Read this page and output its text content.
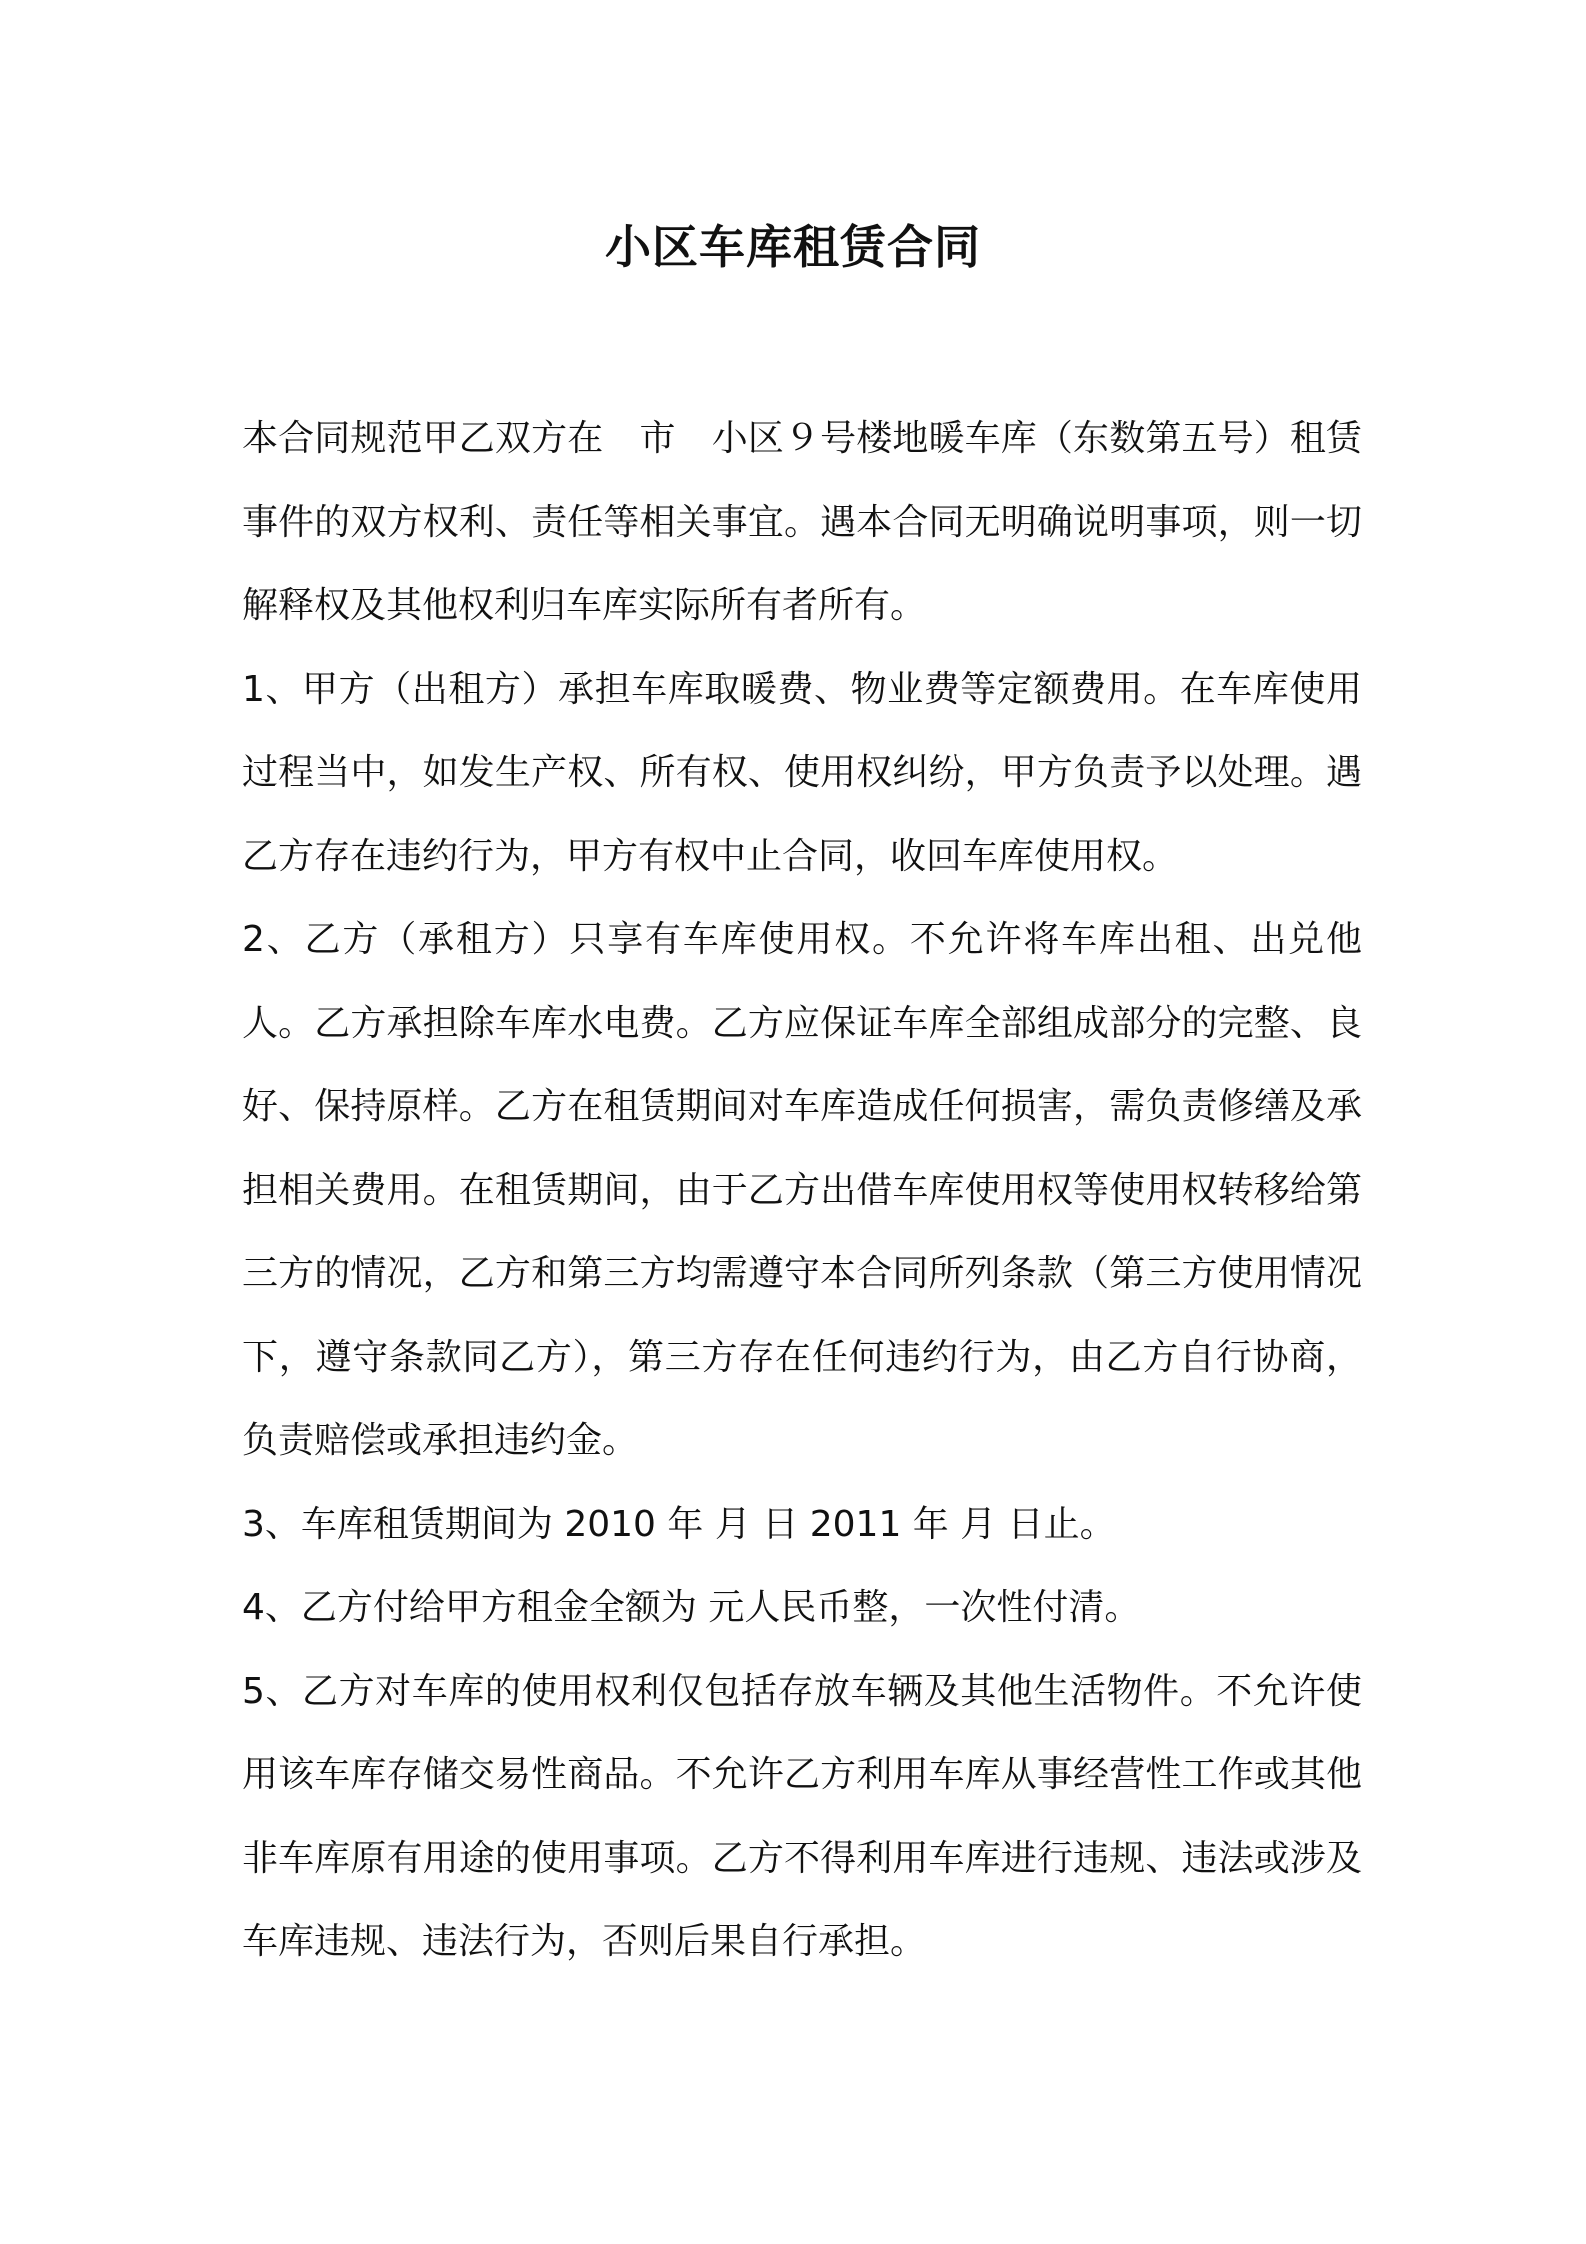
小区车库租赁合同

本合同规范甲乙双方在　市　小区９号楼地暖车库（东数第五号）租赁事件的双方权利、责任等相关事宜。遇本合同无明确说明事项，则一切解释权及其他权利归车库实际所有者所有。

1、甲方（出租方）承担车库取暖费、物业费等定额费用。在车库使用过程当中，如发生产权、所有权、使用权纠纷，甲方负责予以处理。遇乙方存在违约行为，甲方有权中止合同，收回车库使用权。

2、乙方（承租方）只享有车库使用权。不允许将车库出租、出兑他人。乙方承担除车库水电费。乙方应保证车库全部组成部分的完整、良好、保持原样。乙方在租赁期间对车库造成任何损害，需负责修缮及承担相关费用。在租赁期间，由于乙方出借车库使用权等使用权转移给第三方的情况，乙方和第三方均需遵守本合同所列条款（第三方使用情况下，遵守条款同乙方），第三方存在任何违约行为，由乙方自行协商，负责赔偿或承担违约金。

3、车库租赁期间为 2010 年 月 日 2011 年 月 日止。

4、乙方付给甲方租金全额为 元人民币整，一次性付清。

5、乙方对车库的使用权利仅包括存放车辆及其他生活物件。不允许使用该车库存储交易性商品。不允许乙方利用车库从事经营性工作或其他非车库原有用途的使用事项。乙方不得利用车库进行违规、违法或涉及车库违规、违法行为，否则后果自行承担。
